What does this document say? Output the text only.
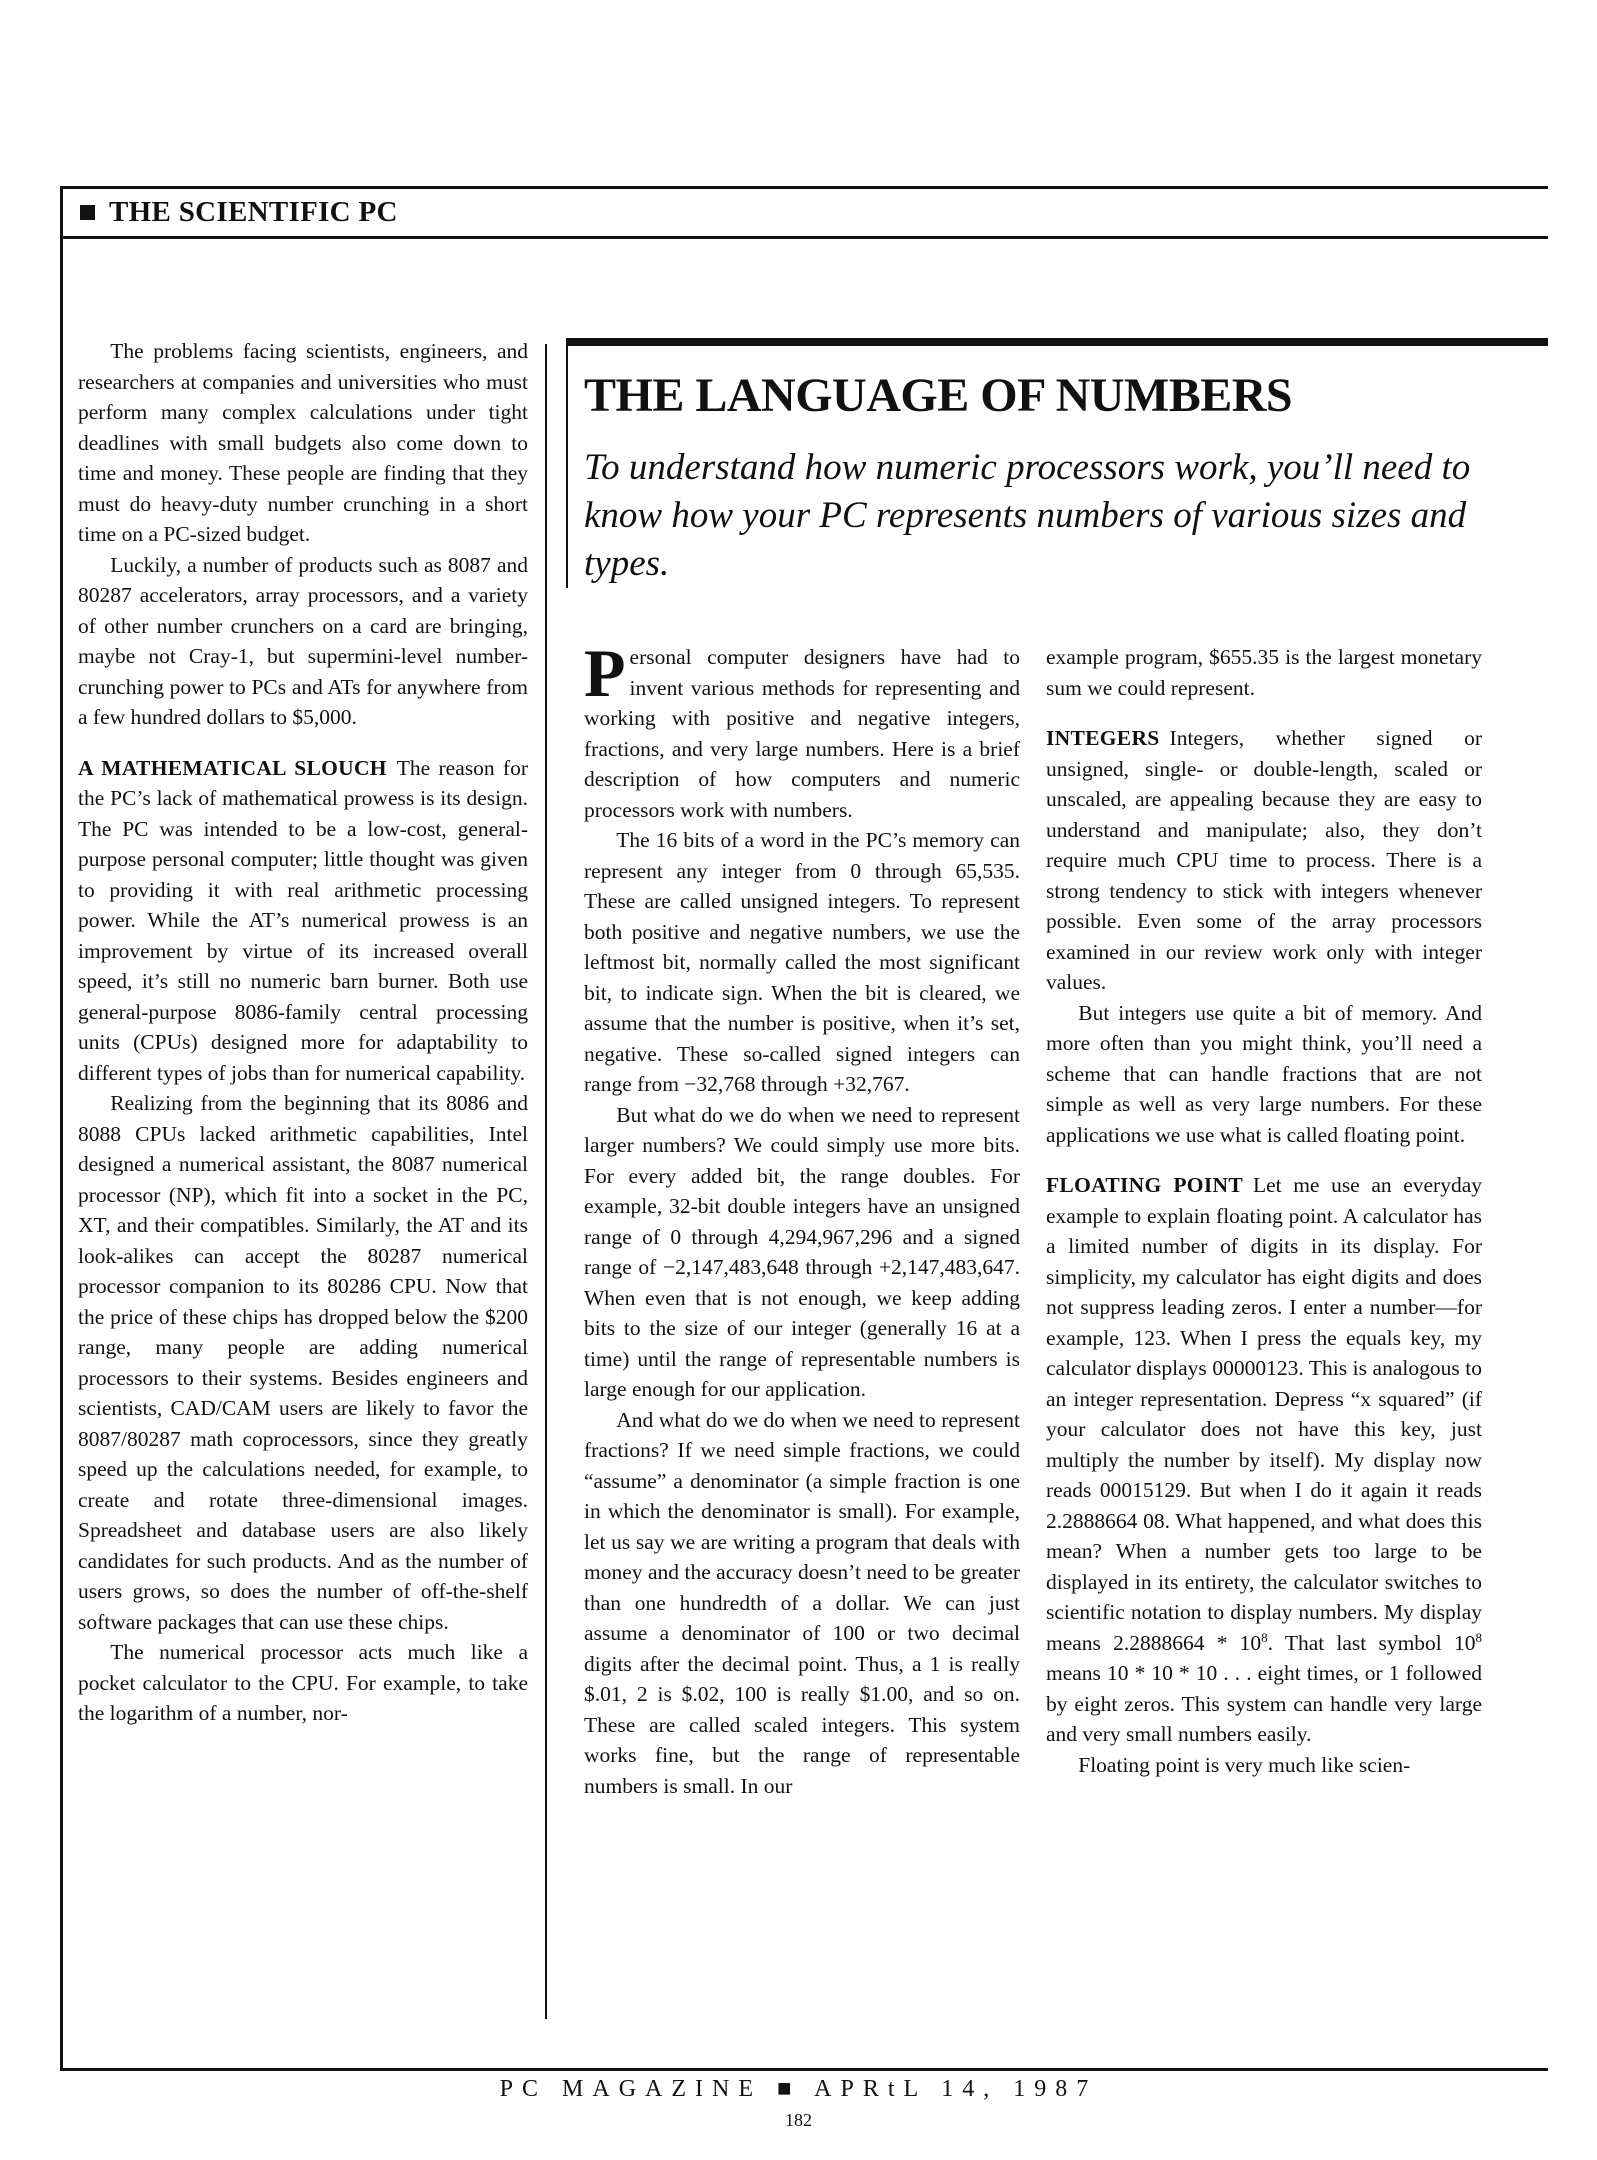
THE SCIENTIFIC PC
THE LANGUAGE OF NUMBERS

To understand how numeric processors work, you’ll need to know how your PC represents numbers of various sizes and types.

The problems facing scientists, engineers, and researchers at companies and universities who must perform many complex calculations under tight deadlines with small budgets also come down to time and money. These people are finding that they must do heavy-duty number crunching in a short time on a PC-sized budget.

Luckily, a number of products such as 8087 and 80287 accelerators, array processors, and a variety of other number crunchers on a card are bringing, maybe not Cray-1, but supermini-level number-crunching power to PCs and ATs for anywhere from a few hundred dollars to $5,000.

A MATHEMATICAL SLOUCH The reason for the PC’s lack of mathematical prowess is its design. The PC was intended to be a low-cost, general-purpose personal computer; little thought was given to providing it with real arithmetic processing power. While the AT’s numerical prowess is an improvement by virtue of its increased overall speed, it’s still no numeric barn burner. Both use general-purpose 8086-family central processing units (CPUs) designed more for adaptability to different types of jobs than for numerical capability.

Realizing from the beginning that its 8086 and 8088 CPUs lacked arithmetic capabilities, Intel designed a numerical assistant, the 8087 numerical processor (NP), which fit into a socket in the PC, XT, and their compatibles. Similarly, the AT and its look-alikes can accept the 80287 numerical processor companion to its 80286 CPU. Now that the price of these chips has dropped below the $200 range, many people are adding numerical processors to their systems. Besides engineers and scientists, CAD/CAM users are likely to favor the 8087/80287 math coprocessors, since they greatly speed up the calculations needed, for example, to create and rotate three-dimensional images. Spreadsheet and database users are also likely candidates for such products. And as the number of users grows, so does the number of off-the-shelf software packages that can use these chips.

The numerical processor acts much like a pocket calculator to the CPU. For example, to take the logarithm of a number, nor-

Personal computer designers have had to invent various methods for representing and working with positive and negative integers, fractions, and very large numbers. Here is a brief description of how computers and numeric processors work with numbers.

The 16 bits of a word in the PC’s memory can represent any integer from 0 through 65,535. These are called unsigned integers. To represent both positive and negative numbers, we use the leftmost bit, normally called the most significant bit, to indicate sign. When the bit is cleared, we assume that the number is positive, when it’s set, negative. These so-called signed integers can range from −32,768 through +32,767.

But what do we do when we need to represent larger numbers? We could simply use more bits. For every added bit, the range doubles. For example, 32-bit double integers have an unsigned range of 0 through 4,294,967,296 and a signed range of −2,147,483,648 through +2,147,483,647. When even that is not enough, we keep adding bits to the size of our integer (generally 16 at a time) until the range of representable numbers is large enough for our application.

And what do we do when we need to represent fractions? If we need simple fractions, we could “assume” a denominator (a simple fraction is one in which the denominator is small). For example, let us say we are writing a program that deals with money and the accuracy doesn’t need to be greater than one hundredth of a dollar. We can just assume a denominator of 100 or two decimal digits after the decimal point. Thus, a 1 is really $.01, 2 is $.02, 100 is really $1.00, and so on. These are called scaled integers. This system works fine, but the range of representable numbers is small. In our

example program, $655.35 is the largest monetary sum we could represent.

INTEGERS Integers, whether signed or unsigned, single- or double-length, scaled or unscaled, are appealing because they are easy to understand and manipulate; also, they don’t require much CPU time to process. There is a strong tendency to stick with integers whenever possible. Even some of the array processors examined in our review work only with integer values.

But integers use quite a bit of memory. And more often than you might think, you’ll need a scheme that can handle fractions that are not simple as well as very large numbers. For these applications we use what is called floating point.

FLOATING POINT Let me use an everyday example to explain floating point. A calculator has a limited number of digits in its display. For simplicity, my calculator has eight digits and does not suppress leading zeros. I enter a number—for example, 123. When I press the equals key, my calculator displays 00000123. This is analogous to an integer representation. Depress “x squared” (if your calculator does not have this key, just multiply the number by itself). My display now reads 00015129. But when I do it again it reads 2.2888664 08. What happened, and what does this mean? When a number gets too large to be displayed in its entirety, the calculator switches to scientific notation to display numbers. My display means $2.2888664 * 10^8$. That last symbol $10^8$ means 10 * 10 * 10 . . . eight times, or 1 followed by eight zeros. This system can handle very large and very small numbers easily.

Floating point is very much like scien-

PC MAGAZINE ■ APRtL 14, 1987
182
